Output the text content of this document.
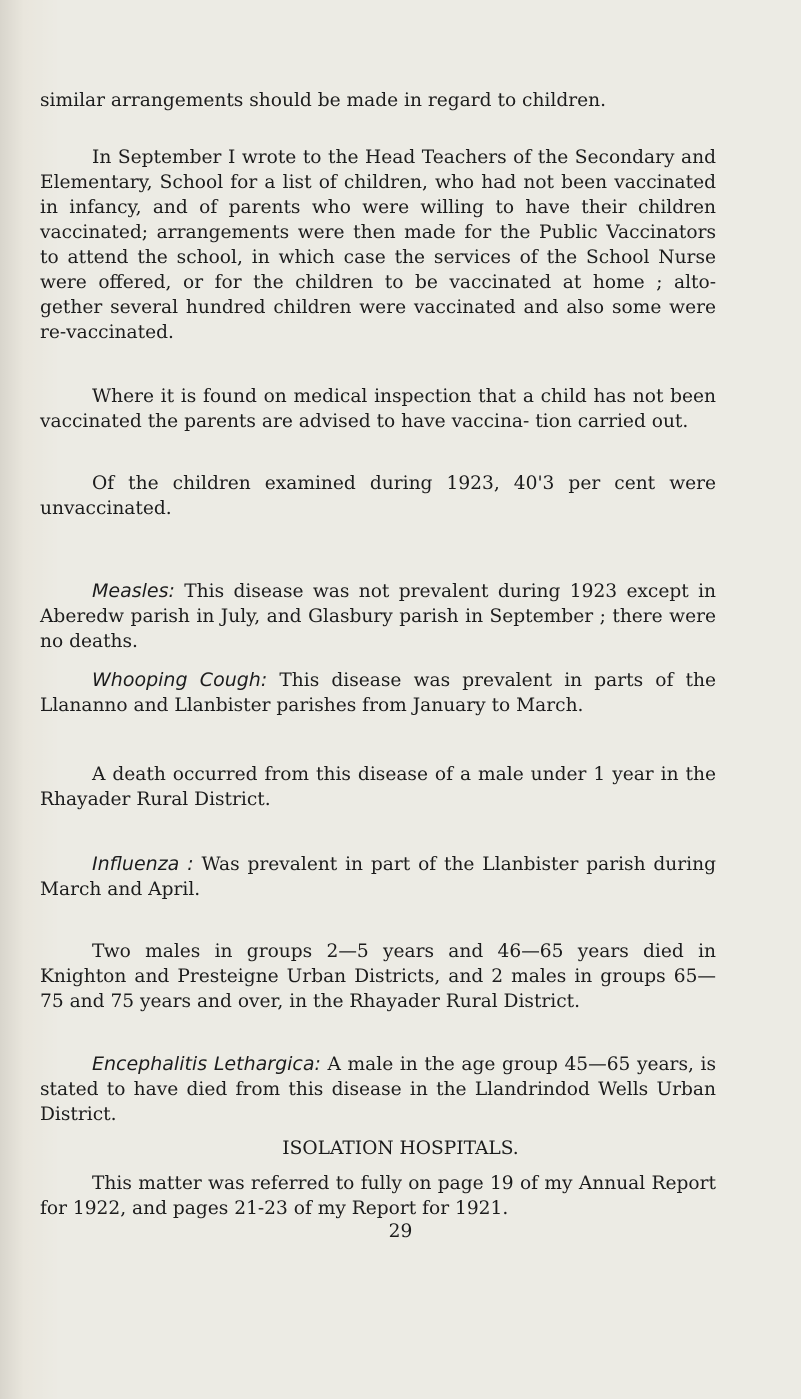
similar arrangements should be made in regard to children.

In September I wrote to the Head Teachers of the Secondary and Elementary, School for a list of children, who had not been vaccinated in infancy, and of parents who were willing to have their children vaccinated; arrangements were then made for the Public Vaccinators to attend the school, in which case the services of the School Nurse were offered, or for the children to be vaccinated at home ; alto- gether several hundred children were vaccinated and also some were re-vaccinated.

Where it is found on medical inspection that a child has not been vaccinated the parents are advised to have vaccina- tion carried out.

Of the children examined during 1923, 40'3 per cent were unvaccinated.

Measles: This disease was not prevalent during 1923 except in Aberedw parish in July, and Glasbury parish in September ; there were no deaths.

Whooping Cough: This disease was prevalent in parts of the Llananno and Llanbister parishes from January to March.

A death occurred from this disease of a male under 1 year in the Rhayader Rural District.

Influenza : Was prevalent in part of the Llanbister parish during March and April.

Two males in groups 2—5 years and 46—65 years died in Knighton and Presteigne Urban Districts, and 2 males in groups 65—75 and 75 years and over, in the Rhayader Rural District.

Encephalitis Lethargica: A male in the age group 45—65 years, is stated to have died from this disease in the Llandrindod Wells Urban District.

ISOLATION HOSPITALS.

This matter was referred to fully on page 19 of my Annual Report for 1922, and pages 21-23 of my Report for 1921.

29
